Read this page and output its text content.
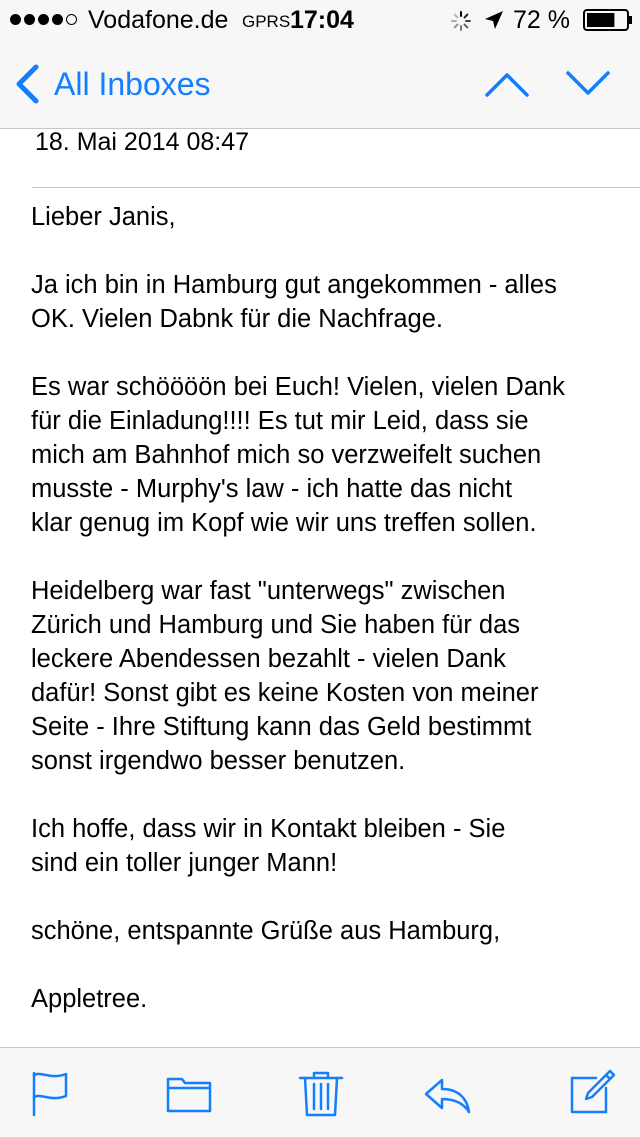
Vodafone.de GPRS 17:04	72 %
All Inboxes
18. Mai 2014 08:47

Lieber Janis,

Ja ich bin in Hamburg gut angekommen - alles
OK. Vielen Dabnk für die Nachfrage.

Es war schöööön bei Euch! Vielen, vielen Dank
für die Einladung!!!! Es tut mir Leid, dass sie
mich am Bahnhof mich so verzweifelt suchen
musste - Murphy's law - ich hatte das nicht
klar genug im Kopf wie wir uns treffen sollen.

Heidelberg war fast "unterwegs" zwischen
Zürich und Hamburg und Sie haben für das
leckere Abendessen bezahlt - vielen Dank
dafür! Sonst gibt es keine Kosten von meiner
Seite - Ihre Stiftung kann das Geld bestimmt
sonst irgendwo besser benutzen.

Ich hoffe, dass wir in Kontakt bleiben - Sie
sind ein toller junger Mann!

schöne, entspannte Grüße aus Hamburg,

Appletree.
